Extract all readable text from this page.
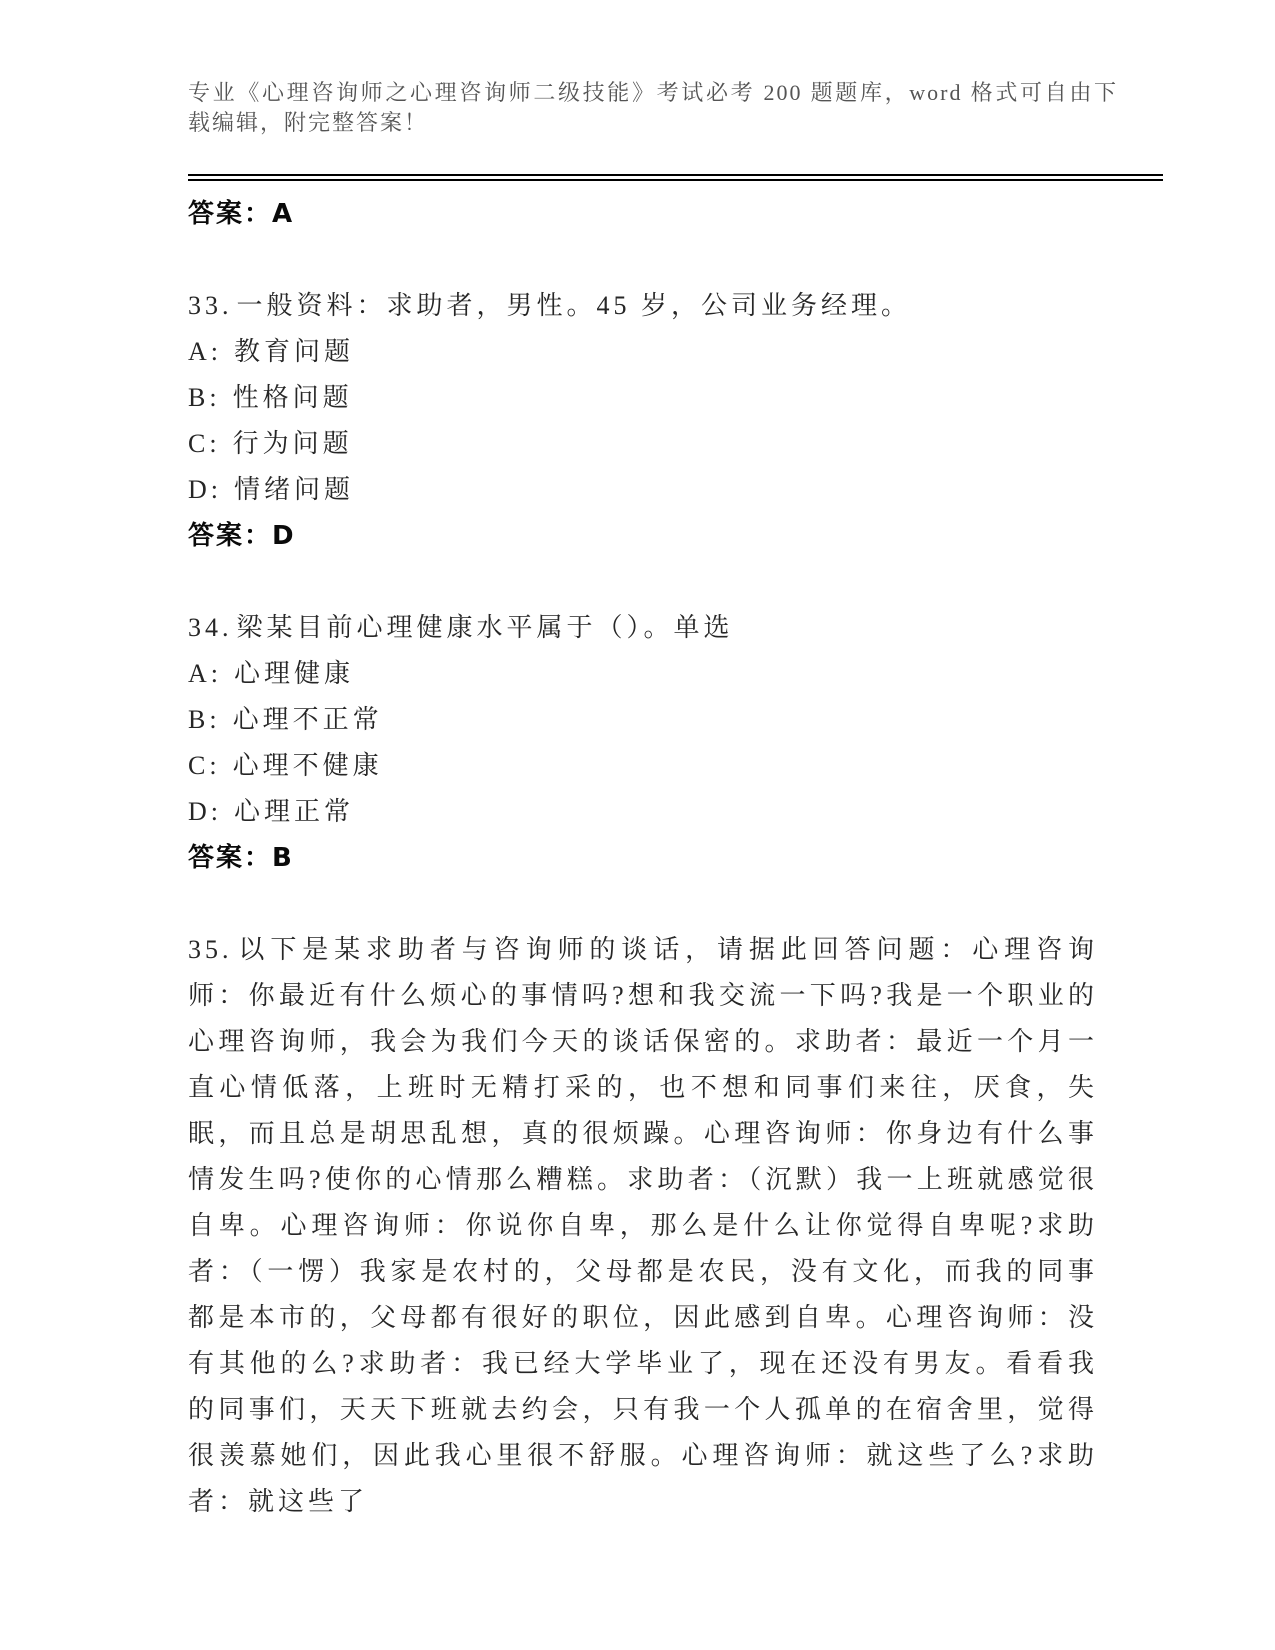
专业《心理咨询师之心理咨询师二级技能》考试必考 200 题题库，word 格式可自由下载编辑，附完整答案！

答案：A

33. 一般资料：求助者，男性。45 岁，公司业务经理。

A: 教育问题

B: 性格问题

C: 行为问题

D: 情绪问题

答案：D

34. 梁某目前心理健康水平属于（）。单选

A: 心理健康

B: 心理不正常

C: 心理不健康

D: 心理正常

答案：B

35. 以下是某求助者与咨询师的谈话，请据此回答问题：心理咨询师：你最近有什么烦心的事情吗?想和我交流一下吗?我是一个职业的心理咨询师，我会为我们今天的谈话保密的。求助者：最近一个月一直心情低落，上班时无精打采的，也不想和同事们来往，厌食，失眠，而且总是胡思乱想，真的很烦躁。心理咨询师：你身边有什么事情发生吗?使你的心情那么糟糕。求助者：（沉默）我一上班就感觉很自卑。心理咨询师：你说你自卑，那么是什么让你觉得自卑呢?求助者：（一愣）我家是农村的，父母都是农民，没有文化，而我的同事都是本市的，父母都有很好的职位，因此感到自卑。心理咨询师：没有其他的么?求助者：我已经大学毕业了，现在还没有男友。看看我的同事们，天天下班就去约会，只有我一个人孤单的在宿舍里，觉得很羡慕她们，因此我心里很不舒服。心理咨询师：就这些了么?求助者：就这些了
